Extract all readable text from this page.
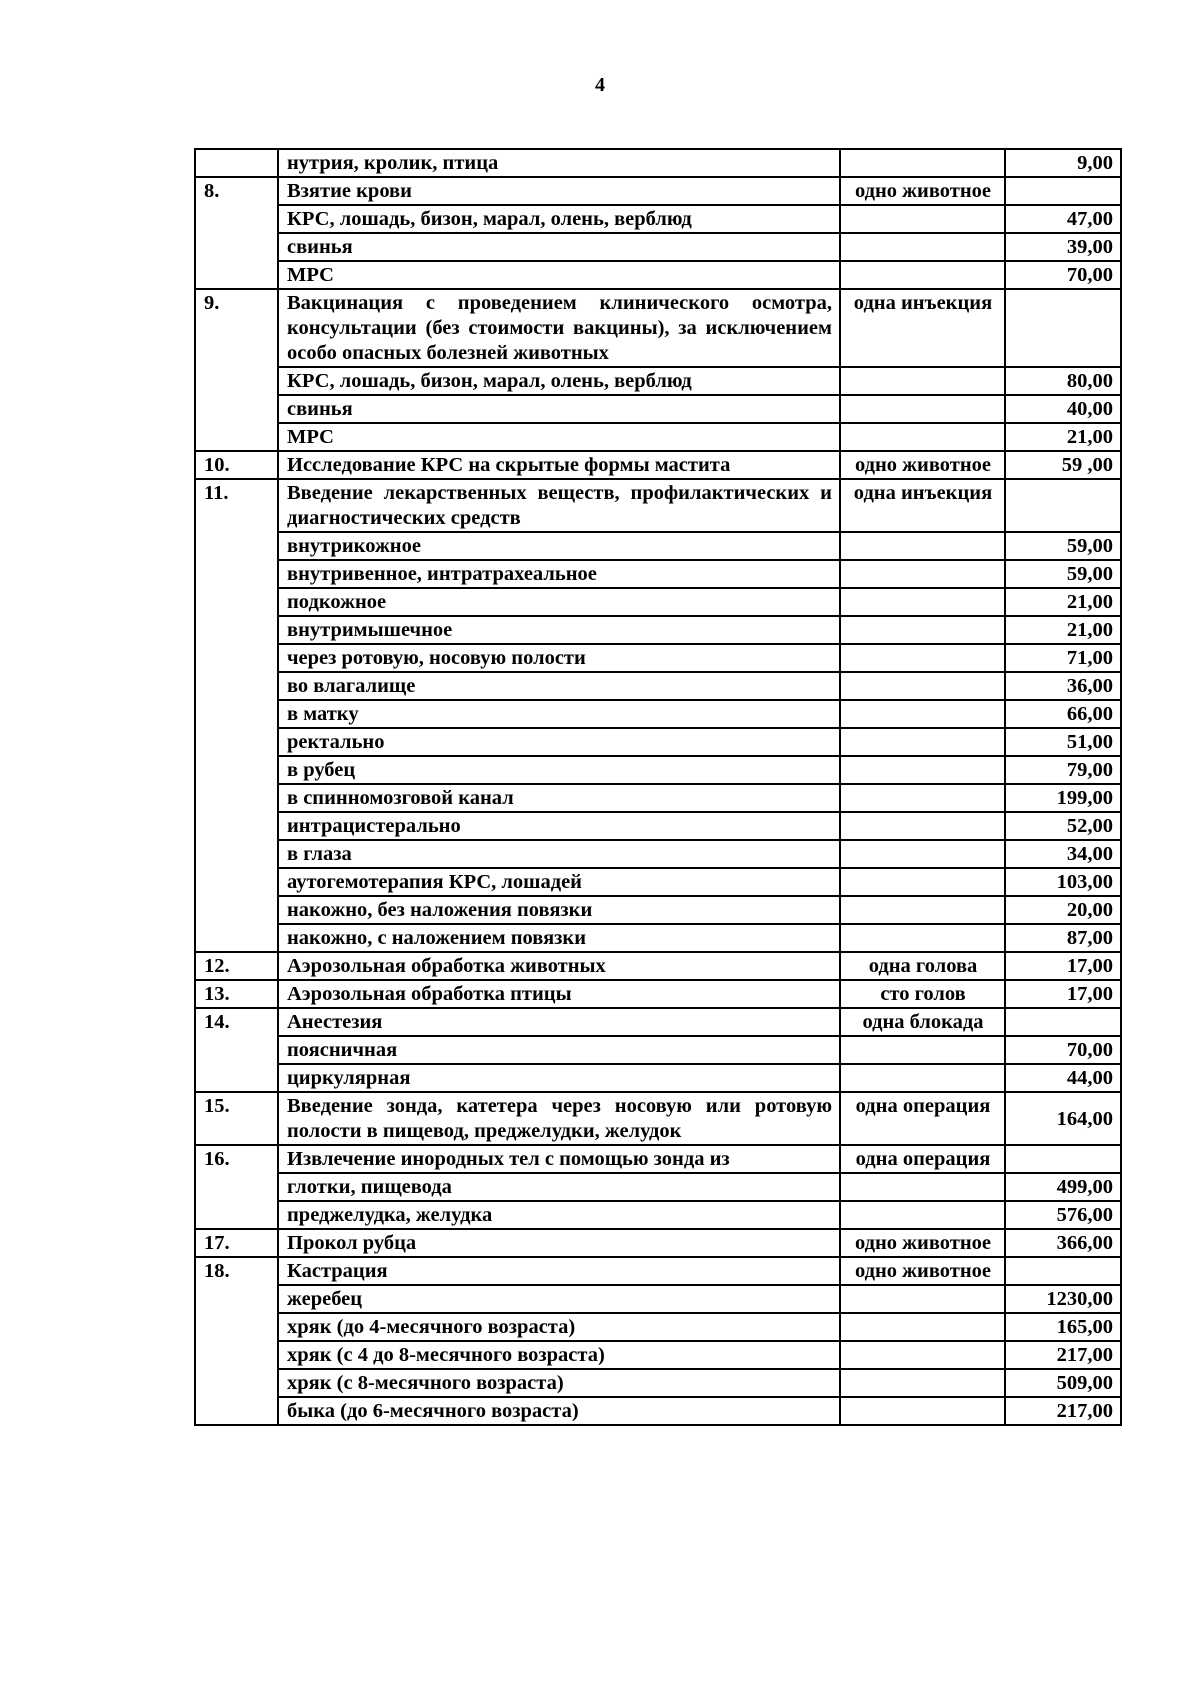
4
	нутрия, кролик, птица		9,00
8.	Взятие крови	одно животное	
	КРС, лошадь, бизон, марал, олень, верблюд		47,00
	свинья		39,00
	МРС		70,00
9.	Вакцинация с проведением клинического осмотра, консультации (без стоимости вакцины), за исключением особо опасных болезней животных	одна инъекция	
	КРС, лошадь, бизон, марал, олень, верблюд		80,00
	свинья		40,00
	МРС		21,00
10.	Исследование КРС на скрытые формы мастита	одно животное	59 ,00
11.	Введение лекарственных веществ, профилактических и диагностических средств	одна инъекция	
	внутрикожное		59,00
	внутривенное, интратрахеальное		59,00
	подкожное		21,00
	внутримышечное		21,00
	через ротовую, носовую полости		71,00
	во влагалище		36,00
	в матку		66,00
	ректально		51,00
	в рубец		79,00
	в спинномозговой канал		199,00
	интрацистерально		52,00
	в глаза		34,00
	аутогемотерапия КРС, лошадей		103,00
	накожно, без наложения повязки		20,00
	накожно, с наложением повязки		87,00
12.	Аэрозольная обработка животных	одна голова	17,00
13.	Аэрозольная обработка птицы	сто голов	17,00
14.	Анестезия	одна блокада	
	поясничная		70,00
	циркулярная		44,00
15.	Введение зонда, катетера через носовую или ротовую полости в пищевод, преджелудки, желудок	одна операция	164,00
16.	Извлечение инородных тел с помощью зонда из	одна операция	
	глотки, пищевода		499,00
	преджелудка, желудка		576,00
17.	Прокол рубца	одно животное	366,00
18.	Кастрация	одно животное	
	жеребец		1230,00
	хряк (до 4-месячного возраста)		165,00
	хряк (с 4 до 8-месячного возраста)		217,00
	хряк (с 8-месячного возраста)		509,00
	быка (до 6-месячного возраста)		217,00
